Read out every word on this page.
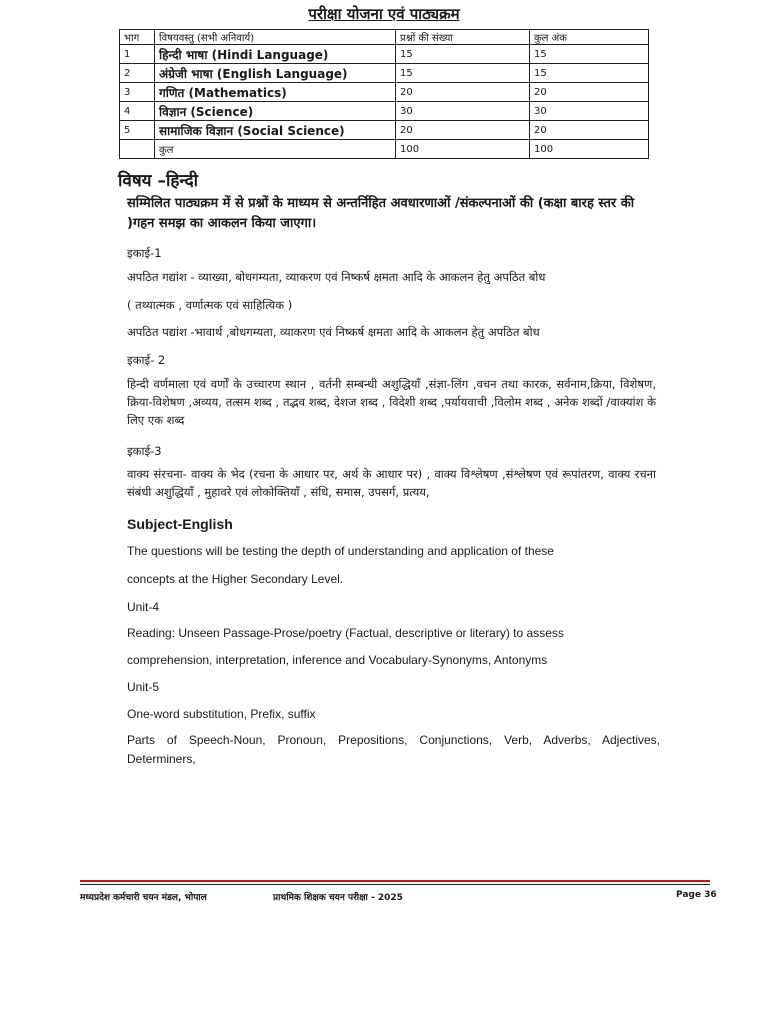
परीक्षा योजना एवं पाठ्यक्रम
भाग	विषयवस्तु (सभी अनिवार्य)	प्रश्नों की संख्या	कुल अंक
1	हिन्दी भाषा (Hindi Language)	15	15
2	अंग्रेजी भाषा (English Language)	15	15
3	गणित (Mathematics)	20	20
4	विज्ञान (Science)	30	30
5	सामाजिक विज्ञान (Social Science)	20	20
	कुल	100	100
विषय –हिन्दी
सम्मिलित पाठ्यक्रम में से प्रश्नों के माध्यम से अन्तर्निहित अवधारणाओं /संकल्पनाओं की (कक्षा बारह स्तर की )गहन समझ का आकलन किया जाएगा।
इकाई-1
अपठित गद्यांश - व्याख्या, बोधगम्यता, व्याकरण एवं निष्कर्ष क्षमता आदि के आकलन हेतु अपठित बोध
( तथ्यात्मक , वर्णात्मक एवं साहित्यिक )
अपठित पद्यांश -भावार्थ ,बोधगम्यता, व्याकरण एवं निष्कर्ष क्षमता आदि के आकलन हेतु अपठित बोध
इकाई- 2
हिन्दी वर्णमाला एवं वर्णों के उच्चारण स्थान , वर्तनी सम्बन्धी अशुद्धियाँ ,संज्ञा-लिंग ,वचन तथा कारक, सर्वनाम,क्रिया, विशेषण, क्रिया-विशेषण ,अव्यय, तत्सम शब्द , तद्भव शब्द, देशज शब्द , विदेशी शब्द ,पर्यायवाची ,विलोम शब्द , अनेक शब्दों /वाक्यांश के लिए एक शब्द
इकाई-3
वाक्य संरचना- वाक्य के भेद (रचना के आधार पर, अर्थ के आधार पर) , वाक्य विश्लेषण ,संश्लेषण एवं रूपांतरण, वाक्य रचना संबंधी अशुद्धियाँ , मुहावरे एवं लोकोक्तियाँ , संधि, समास, उपसर्ग, प्रत्यय,
Subject-English
The questions will be testing the depth of understanding and application of these
concepts at the Higher Secondary Level.
Unit-4
Reading: Unseen Passage-Prose/poetry (Factual, descriptive or literary) to assess
comprehension, interpretation, inference and Vocabulary-Synonyms, Antonyms
Unit-5
One-word substitution, Prefix, suffix
Parts of Speech-Noun, Pronoun, Prepositions, Conjunctions, Verb, Adverbs, Adjectives, Determiners,
मध्यप्रदेश कर्मचारी चयन मंडल, भोपाल	प्राथमिक शिक्षक चयन परीक्षा - 2025	Page 36
